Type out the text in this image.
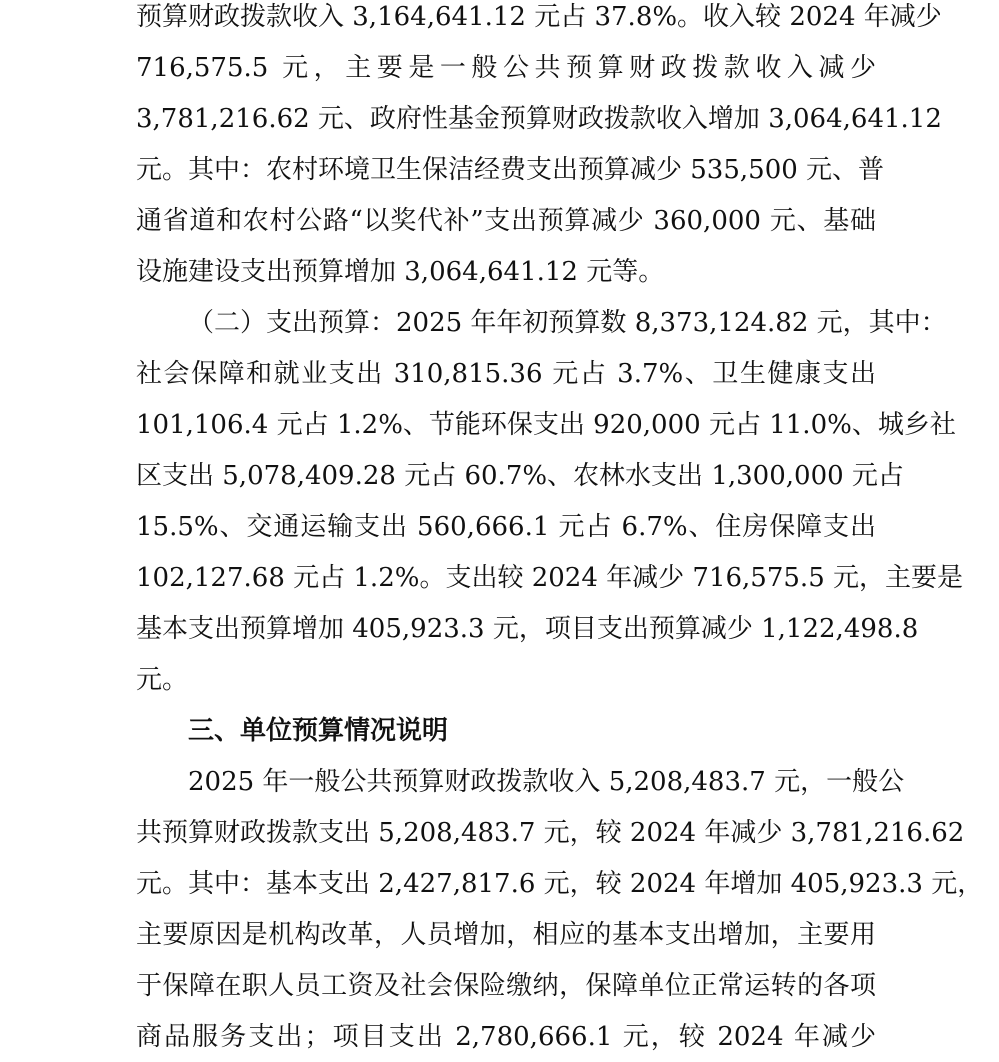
预算财政拨款收入 3,164,641.12 元占 37.8%。收入较 2024 年减少
716,575.5 元，主要是一般公共预算财政拨款收入减少
3,781,216.62 元、政府性基金预算财政拨款收入增加 3,064,641.12
元。其中：农村环境卫生保洁经费支出预算减少 535,500 元、普
通省道和农村公路“以奖代补”支出预算减少 360,000 元、基础
设施建设支出预算增加 3,064,641.12 元等。
（二）支出预算：2025 年年初预算数 8,373,124.82 元，其中：
社会保障和就业支出 310,815.36 元占 3.7%、卫生健康支出
101,106.4 元占 1.2%、节能环保支出 920,000 元占 11.0%、城乡社
区支出 5,078,409.28 元占 60.7%、农林水支出 1,300,000 元占
15.5%、交通运输支出 560,666.1 元占 6.7%、住房保障支出
102,127.68 元占 1.2%。支出较 2024 年减少 716,575.5 元，主要是
基本支出预算增加 405,923.3 元，项目支出预算减少 1,122,498.8
元。
三、单位预算情况说明
2025 年一般公共预算财政拨款收入 5,208,483.7 元，一般公
共预算财政拨款支出 5,208,483.7 元，较 2024 年减少 3,781,216.62
元。其中：基本支出 2,427,817.6 元，较 2024 年增加 405,923.3 元，
主要原因是机构改革，人员增加，相应的基本支出增加，主要用
于保障在职人员工资及社会保险缴纳，保障单位正常运转的各项
商品服务支出；项目支出 2,780,666.1 元，较 2024 年减少
